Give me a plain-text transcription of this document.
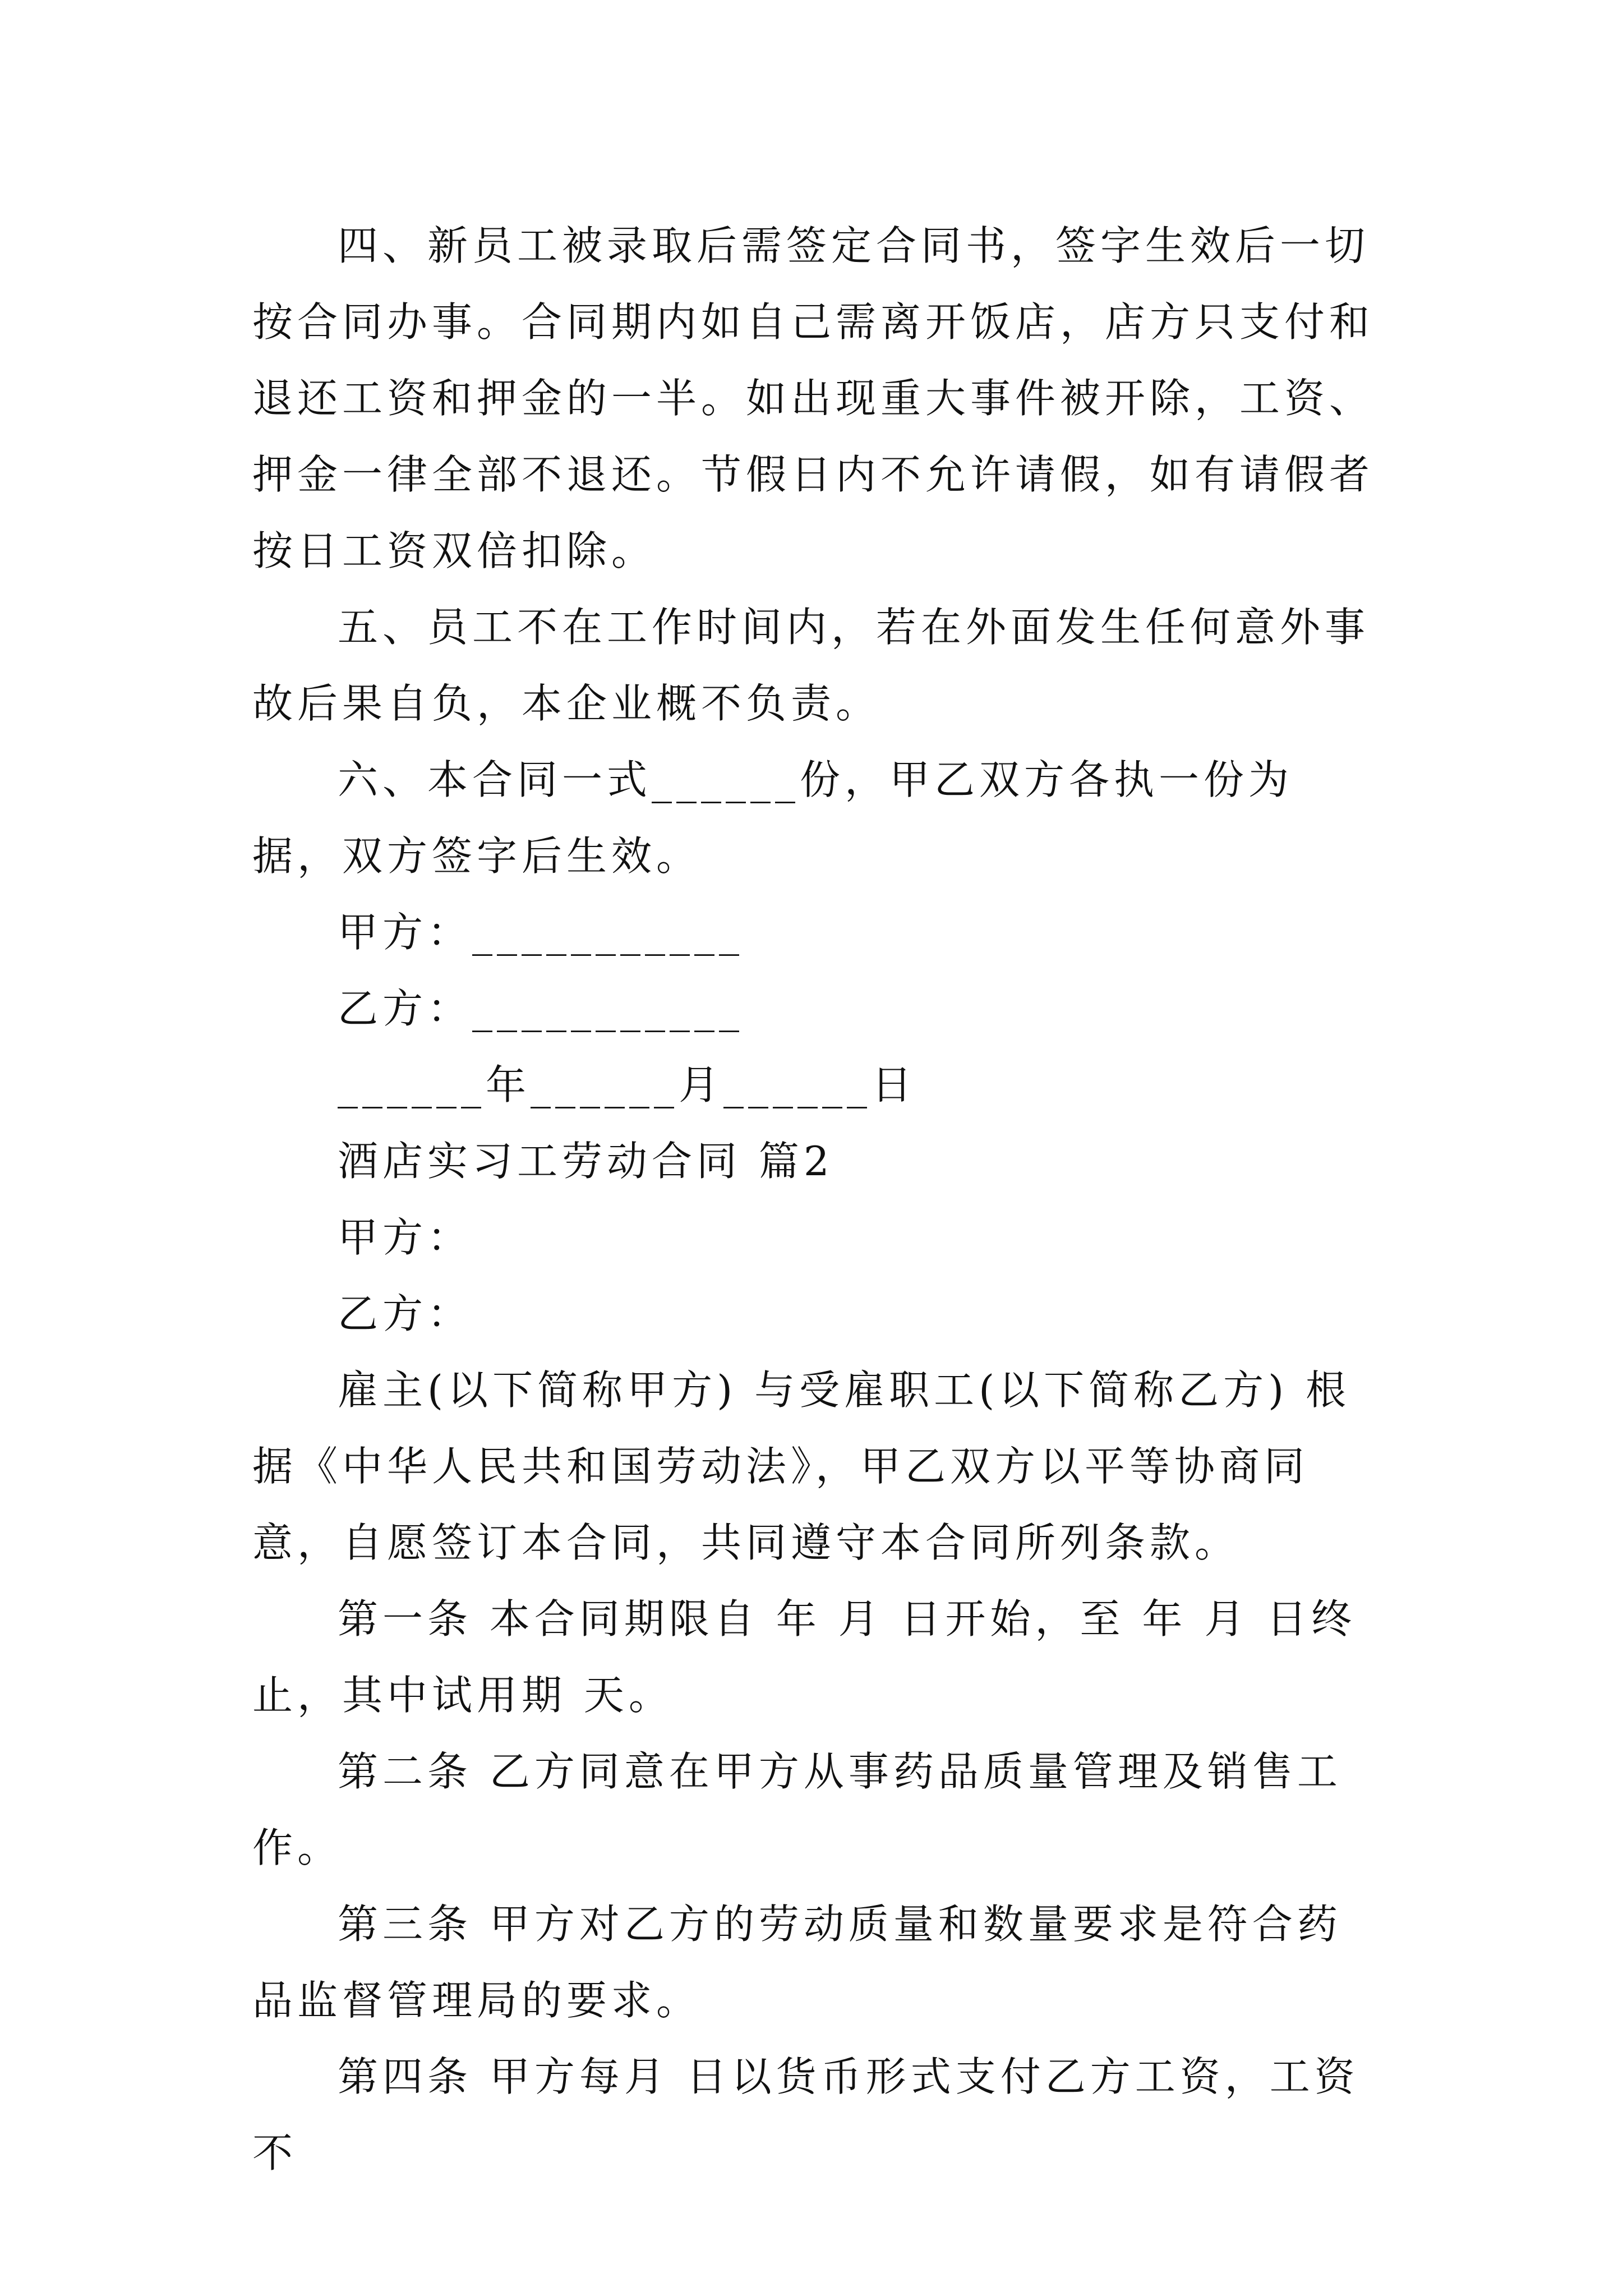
四、新员工被录取后需签定合同书，签字生效后一切按合同办事。合同期内如自己需离开饭店，店方只支付和退还工资和押金的一半。如出现重大事件被开除，工资、押金一律全部不退还。节假日内不允许请假，如有请假者按日工资双倍扣除。

五、员工不在工作时间内，若在外面发生任何意外事故后果自负，本企业概不负责。

六、本合同一式______份，甲乙双方各执一份为据，双方签字后生效。

甲方：___________

乙方：___________

______年______月______日

酒店实习工劳动合同 篇2

甲方：

乙方：

雇主(以下简称甲方) 与受雇职工(以下简称乙方) 根据《中华人民共和国劳动法》，甲乙双方以平等协商同意，自愿签订本合同，共同遵守本合同所列条款。

第一条 本合同期限自 年 月 日开始，至 年 月 日终止，其中试用期 天。

第二条 乙方同意在甲方从事药品质量管理及销售工作。

第三条 甲方对乙方的劳动质量和数量要求是符合药品监督管理局的要求。

第四条 甲方每月 日以货币形式支付乙方工资，工资不
